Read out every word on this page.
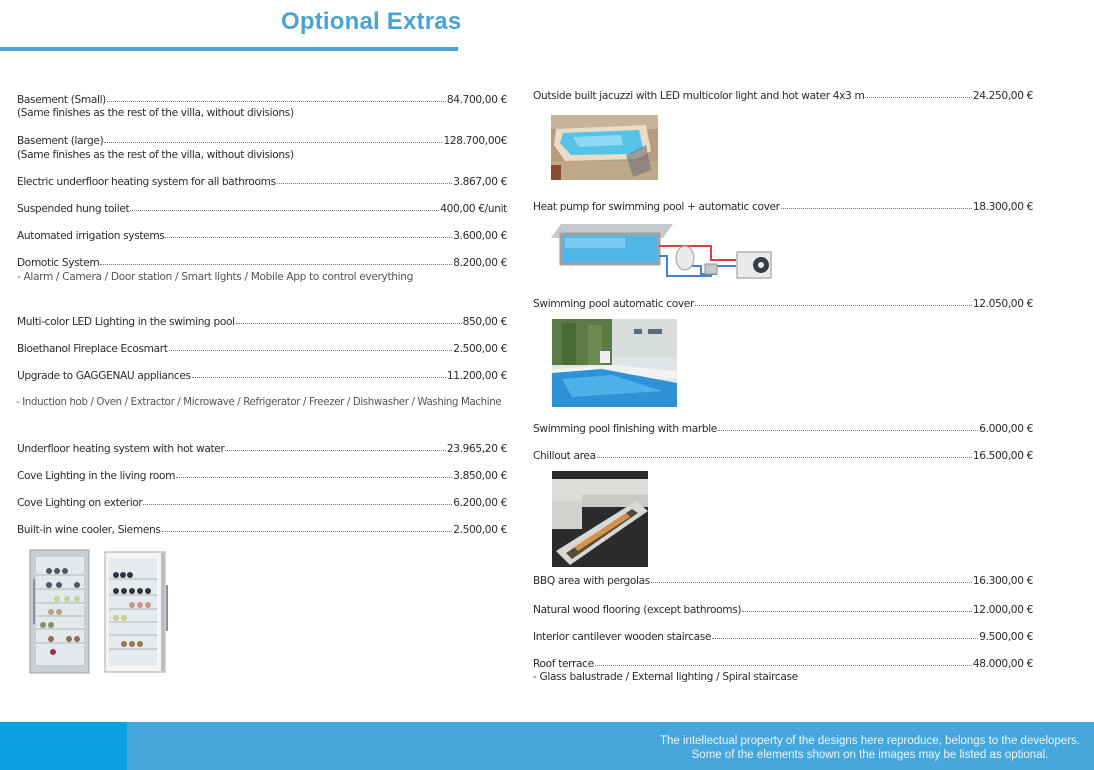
Optional Extras
Basement (Small)	84.700,00 €
(Same finishes as the rest of the villa, without divisions)
Basement (large)	128.700,00€
(Same finishes as the rest of the villa, without divisions)
Electric underfloor heating system for all bathrooms	3.867,00 €
Suspended hung toilet	400,00 €/unit
Automated irrigation systems	3.600,00 €
Domotic System	8.200,00 €
- Alarm / Camera / Door station / Smart lights / Mobile App to control everything
Multi-color LED Lighting in the swiming pool	850,00 €
Bioethanol Fireplace Ecosmart	2.500,00 €
Upgrade to GAGGENAU appliances	11.200,00 €
- Induction hob / Oven / Extractor / Microwave / Refrigerator / Freezer / Dishwasher / Washing Machine
Underfloor heating system with hot water	23.965,20 €
Cove Lighting in the living room	3.850,00 €
Cove Lighting on exterior	6.200,00 €
Built-in wine cooler, Siemens	2.500,00 €
Outside built jacuzzi with LED multicolor light and hot water 4x3 m	24.250,00 €
Heat pump for swimming pool + automatic cover	18.300,00 €
Swimming pool automatic cover	12.050,00 €
Swimming pool finishing with marble	6.000,00 €
Chillout area	16.500,00 €
BBQ area with pergolas	16.300,00 €
Natural wood flooring (except bathrooms)	12.000,00 €
Interior cantilever wooden staircase	9.500,00 €
Roof terrace	48.000,00 €
- Glass balustrade / External lighting / Spiral staircase
The intellectual property of the designs here reproduce, belongs to the developers.
Some of the elements shown on the images may be listed as optional.
